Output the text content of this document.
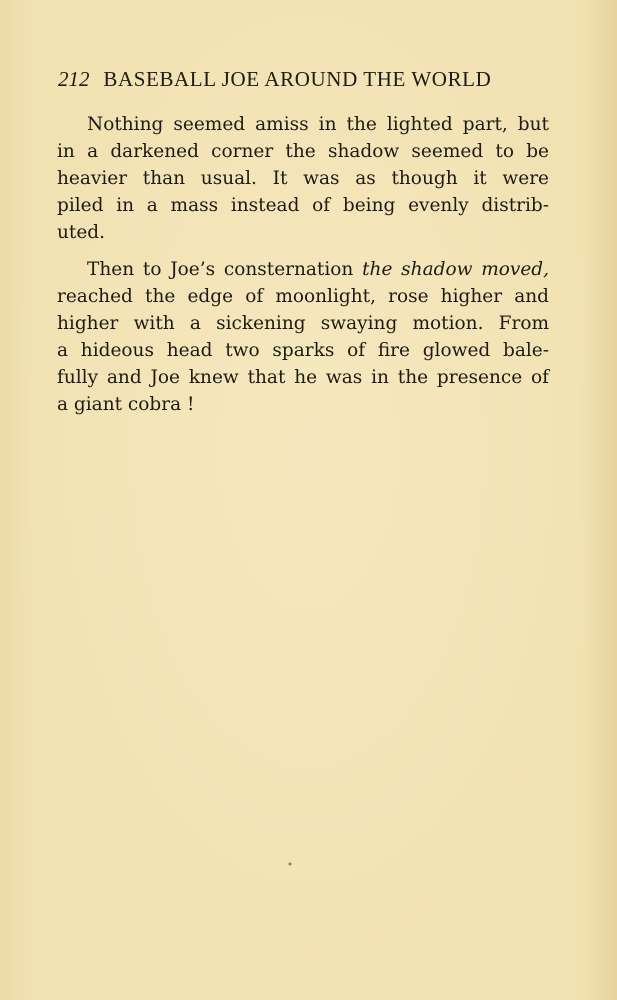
212 BASEBALL JOE AROUND THE WORLD
Nothing seemed amiss in the lighted part, but
in a darkened corner the shadow seemed to be
heavier than usual. It was as though it were
piled in a mass instead of being evenly distrib-
uted.
Then to Joe’s consternation the shadow moved,
reached the edge of moonlight, rose higher and
higher with a sickening swaying motion. From
a hideous head two sparks of fire glowed bale-
fully and Joe knew that he was in the presence of
a giant cobra !
•
